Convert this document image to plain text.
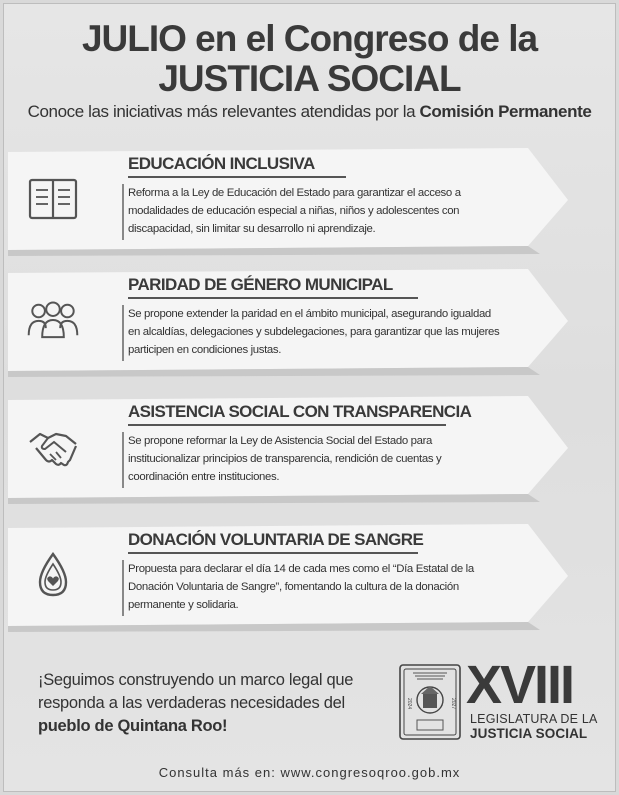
JULIO en el Congreso de la
JUSTICIA SOCIAL
Conoce las iniciativas más relevantes atendidas por la Comisión Permanente
EDUCACIÓN INCLUSIVA
Reforma a la Ley de Educación del Estado para garantizar el acceso a modalidades de educación especial a niñas, niños y adolescentes con discapacidad, sin limitar su desarrollo ni aprendizaje.
PARIDAD DE GÉNERO MUNICIPAL
Se propone extender la paridad en el ámbito municipal, asegurando igualdad en alcaldías, delegaciones y subdelegaciones, para garantizar que las mujeres participen en condiciones justas.
ASISTENCIA SOCIAL CON TRANSPARENCIA
Se propone reformar la Ley de Asistencia Social del Estado para institucionalizar principios de transparencia, rendición de cuentas y coordinación entre instituciones.
DONACIÓN VOLUNTARIA DE SANGRE
Propuesta para declarar el día 14 de cada mes como el “Día Estatal de la Donación Voluntaria de Sangre”, fomentando la cultura de la donación permanente y solidaria.
¡Seguimos construyendo un marco legal que
responda a las verdaderas necesidades del
pueblo de Quintana Roo!
2024	2027 XVIII
LEGISLATURA DE LA
JUSTICIA SOCIAL
Consulta más en: www.congresoqroo.gob.mx
